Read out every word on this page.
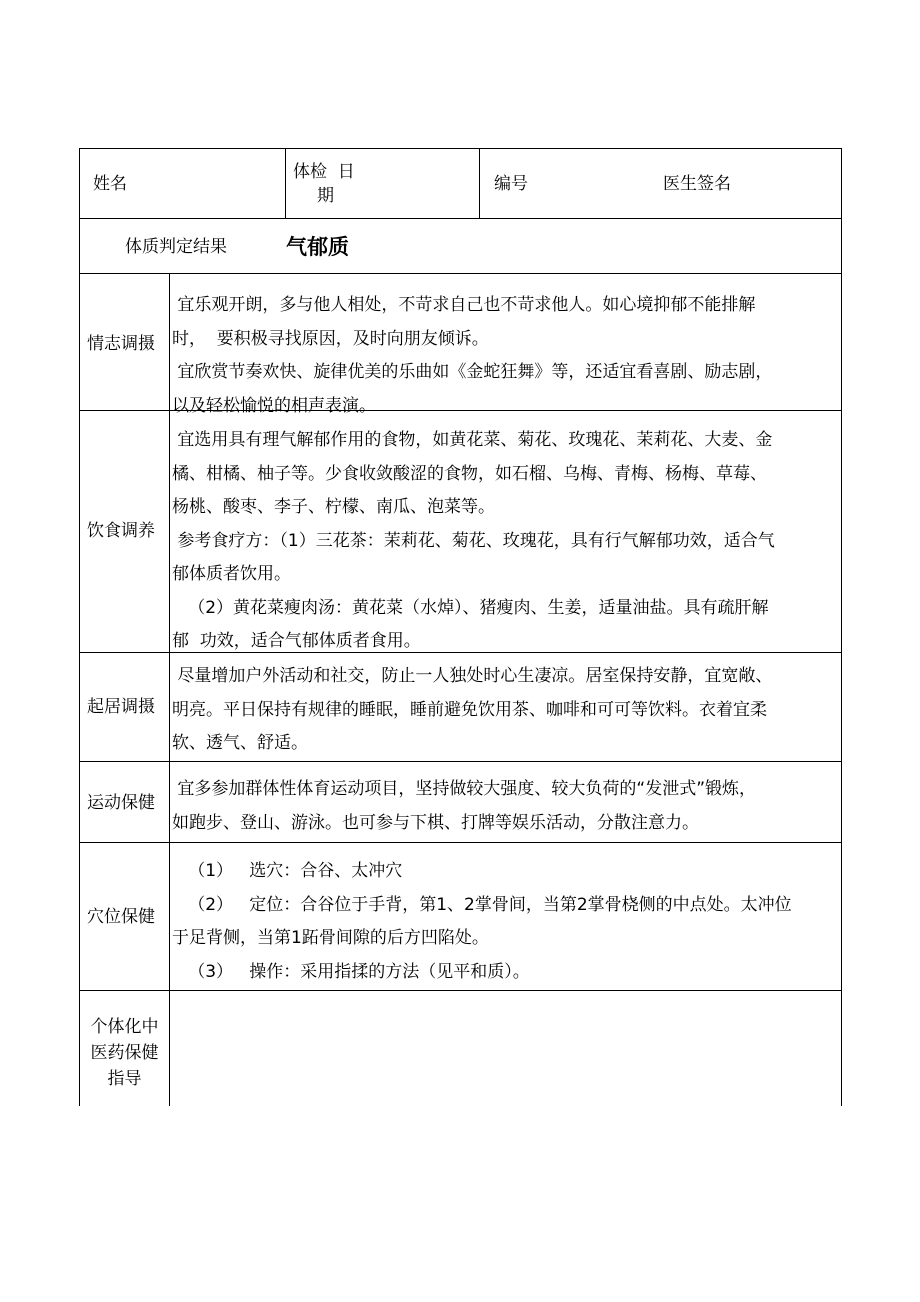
姓名
体检  日
期
编号	医生签名
体质判定结果	气郁质
情志调摄

宜乐观开朗，多与他人相处，不苛求自己也不苛求他人。如心境抑郁不能排解

时，  要积极寻找原因，及时向朋友倾诉。

宜欣赏节奏欢快、旋律优美的乐曲如《金蛇狂舞》等，还适宜看喜剧、励志剧，

以及轻松愉悦的相声表演。

饮食调养

宜选用具有理气解郁作用的食物，如黄花菜、菊花、玫瑰花、茉莉花、大麦、金

橘、柑橘、柚子等。少食收敛酸涩的食物，如石榴、乌梅、青梅、杨梅、草莓、

杨桃、酸枣、李子、柠檬、南瓜、泡菜等。

参考食疗方：（1）三花茶：茉莉花、菊花、玫瑰花，具有行气解郁功效，适合气

郁体质者饮用。

（2）黄花菜瘦肉汤：黄花菜（水焯）、猪瘦肉、生姜，适量油盐。具有疏肝解

郁  功效，适合气郁体质者食用。

起居调摄

尽量增加户外活动和社交，防止一人独处时心生凄凉。居室保持安静，宜宽敞、

明亮。平日保持有规律的睡眠，睡前避免饮用茶、咖啡和可可等饮料。衣着宜柔

软、透气、舒适。

运动保健

宜多参加群体性体育运动项目，坚持做较大强度、较大负荷的“发泄式”锻炼，

如跑步、登山、游泳。也可参与下棋、打牌等娱乐活动，分散注意力。

穴位保健

（1）   选穴：合谷、太冲穴

（2）   定位：合谷位于手背，第1、2掌骨间，当第2掌骨桡侧的中点处。太冲位

于足背侧，当第1跖骨间隙的后方凹陷处。

（3）   操作：采用指揉的方法（见平和质）。

个体化中
医药保健
指导
